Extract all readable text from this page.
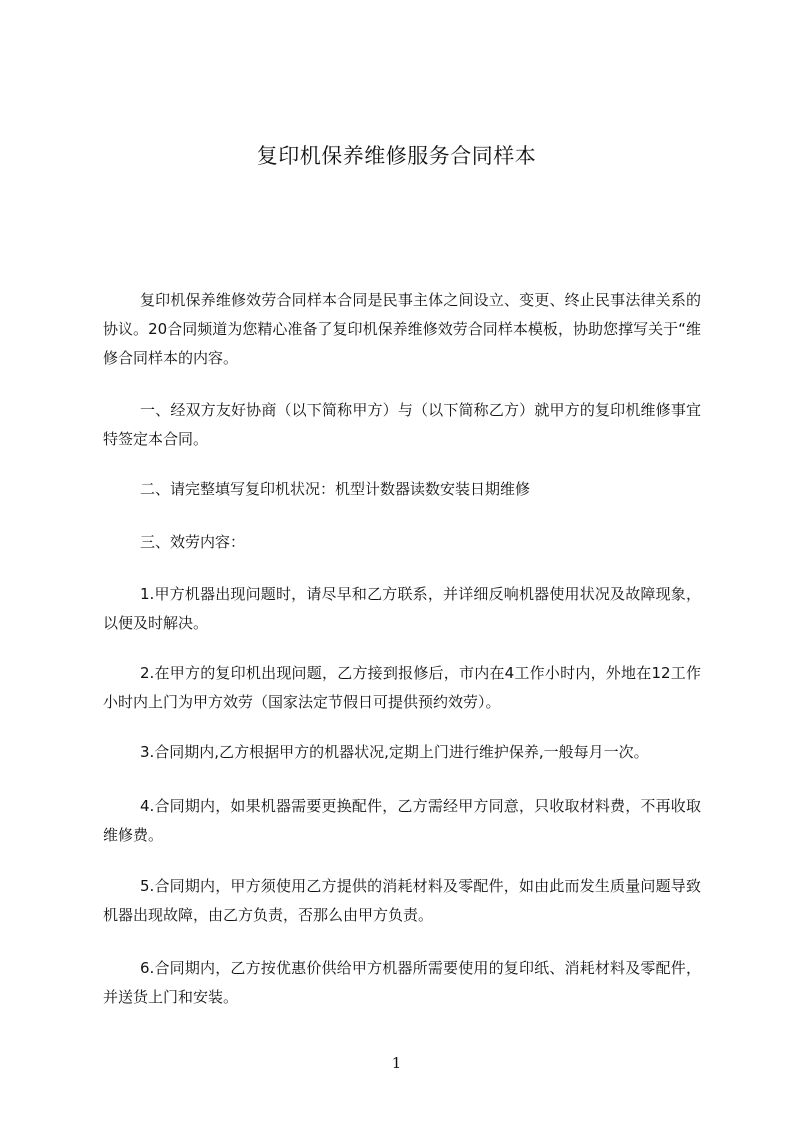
复印机保养维修服务合同样本

复印机保养维修效劳合同样本合同是民事主体之间设立、变更、终止民事法律关系的协议。20合同频道为您精心准备了复印机保养维修效劳合同样本模板，协助您撑写关于“维修合同样本的内容。

一、经双方友好协商（以下简称甲方）与（以下简称乙方）就甲方的复印机维修事宜特签定本合同。

二、请完整填写复印机状况：机型计数器读数安装日期维修

三、效劳内容：

1.甲方机器出现问题时，请尽早和乙方联系，并详细反响机器使用状况及故障现象，以便及时解决。

2.在甲方的复印机出现问题，乙方接到报修后，市内在4工作小时内，外地在12工作小时内上门为甲方效劳（国家法定节假日可提供预约效劳）。

3.合同期内,乙方根据甲方的机器状况,定期上门进行维护保养,一般每月一次。

4.合同期内，如果机器需要更换配件，乙方需经甲方同意，只收取材料费，不再收取维修费。

5.合同期内，甲方须使用乙方提供的消耗材料及零配件，如由此而发生质量问题导致机器出现故障，由乙方负责，否那么由甲方负责。

6.合同期内，乙方按优惠价供给甲方机器所需要使用的复印纸、消耗材料及零配件，并送货上门和安装。

1
